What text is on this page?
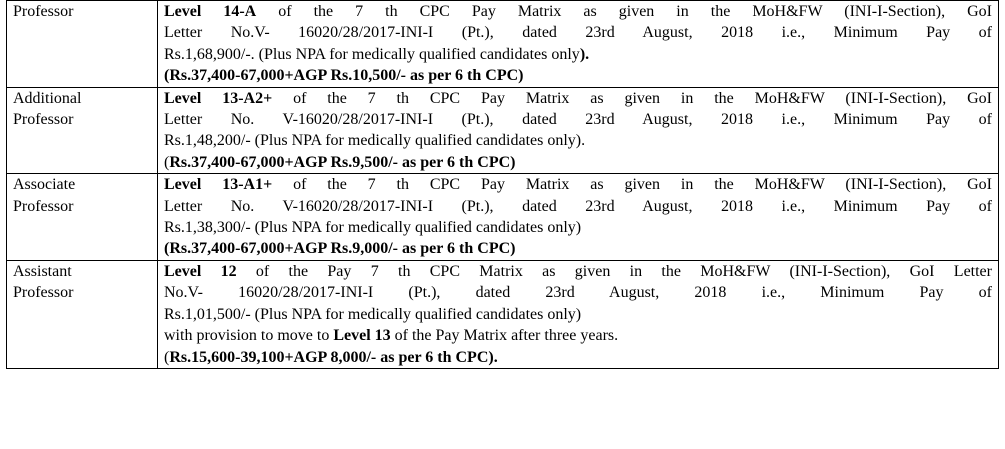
Professor	Level 14-A of the 7 th CPC Pay Matrix as given in the MoH&FW (INI-I-Section), GoI
Letter No.V- 16020/28/2017-INI-I (Pt.), dated 23rd August, 2018 i.e., Minimum Pay of
Rs.1,68,900/-. (Plus NPA for medically qualified candidates only).
(Rs.37,400-67,000+AGP Rs.10,500/- as per 6 th CPC)

Additional
Professor	Level 13-A2+ of the 7 th CPC Pay Matrix as given in the MoH&FW (INI-I-Section), GoI
Letter No. V-16020/28/2017-INI-I (Pt.), dated 23rd August, 2018 i.e., Minimum Pay of
Rs.1,48,200/- (Plus NPA for medically qualified candidates only).
(Rs.37,400-67,000+AGP Rs.9,500/- as per 6 th CPC)

Associate
Professor	Level 13-A1+ of the 7 th CPC Pay Matrix as given in the MoH&FW (INI-I-Section), GoI
Letter No. V-16020/28/2017-INI-I (Pt.), dated 23rd August, 2018 i.e., Minimum Pay of
Rs.1,38,300/- (Plus NPA for medically qualified candidates only)
(Rs.37,400-67,000+AGP Rs.9,000/- as per 6 th CPC)

Assistant
Professor	Level 12 of the Pay 7 th CPC Matrix as given in the MoH&FW (INI-I-Section), GoI Letter
No.V- 16020/28/2017-INI-I (Pt.), dated 23rd August, 2018 i.e., Minimum Pay of
Rs.1,01,500/- (Plus NPA for medically qualified candidates only)
with provision to move to Level 13 of the Pay Matrix after three years.
(Rs.15,600-39,100+AGP 8,000/- as per 6 th CPC).
